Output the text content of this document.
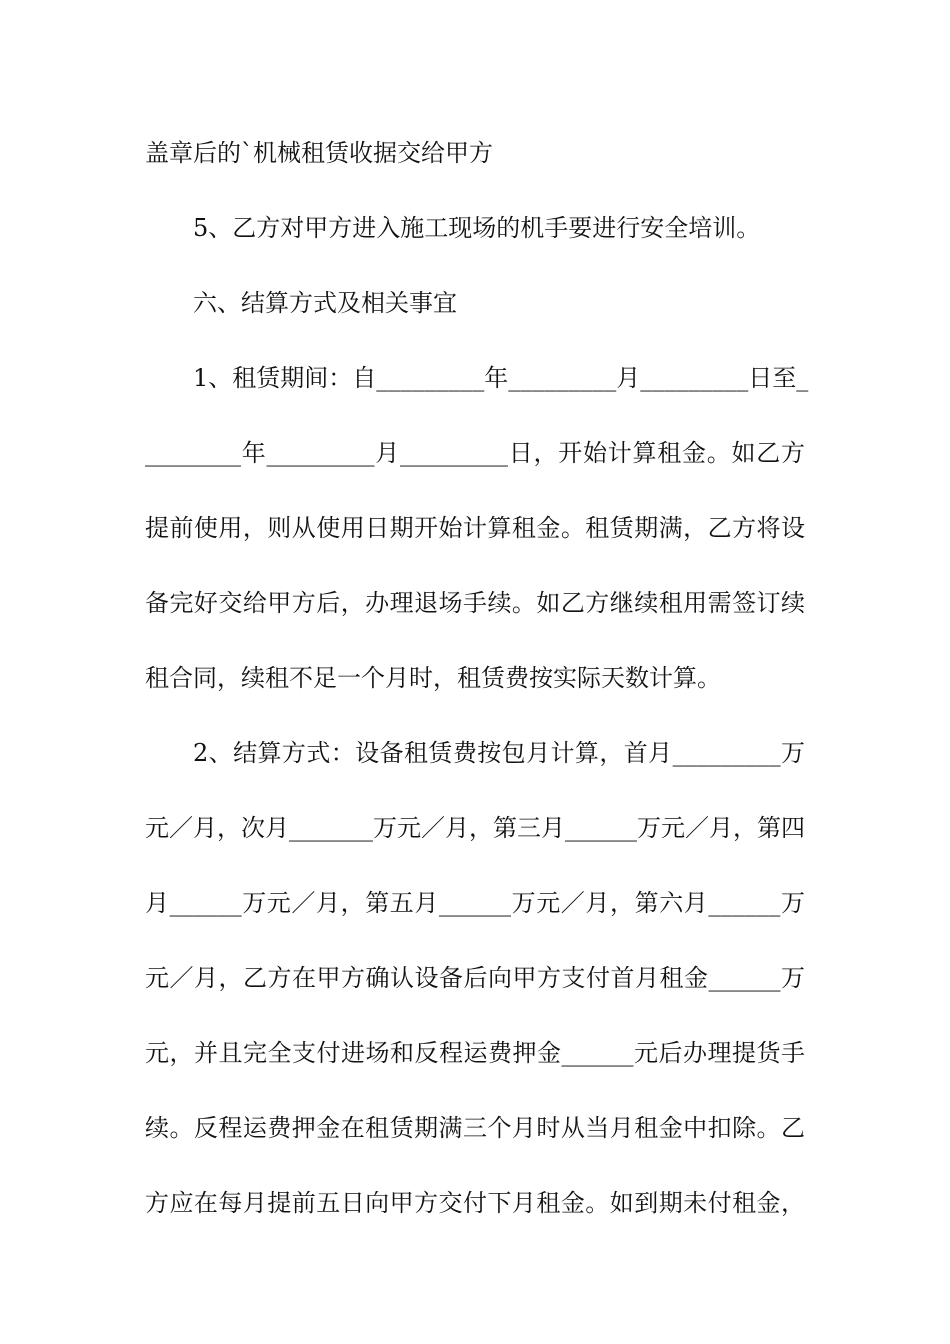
盖章后的`机械租赁收据交给甲方
5、乙方对甲方进入施工现场的机手要进行安全培训。
六、结算方式及相关事宜
1、租赁期间：自_________年_________月_________日至_
________年_________月_________日，开始计算租金。如乙方
提前使用，则从使用日期开始计算租金。租赁期满，乙方将设
备完好交给甲方后，办理退场手续。如乙方继续租用需签订续
租合同，续租不足一个月时，租赁费按实际天数计算。
2、结算方式：设备租赁费按包月计算，首月_________万
元／月，次月_______万元／月，第三月______万元／月，第四
月______万元／月，第五月______万元／月，第六月______万
元／月，乙方在甲方确认设备后向甲方支付首月租金______万
元，并且完全支付进场和反程运费押金______元后办理提货手
续。反程运费押金在租赁期满三个月时从当月租金中扣除。乙
方应在每月提前五日向甲方交付下月租金。如到期未付租金，
